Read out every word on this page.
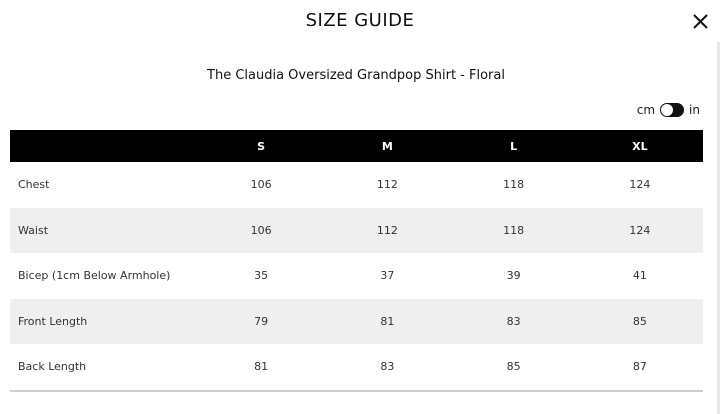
SIZE GUIDE
The Claudia Oversized Grandpop Shirt - Floral
cm	in
	S	M	L	XL
Chest	106	112	118	124
Waist	106	112	118	124
Bicep (1cm Below Armhole)	35	37	39	41
Front Length	79	81	83	85
Back Length	81	83	85	87
